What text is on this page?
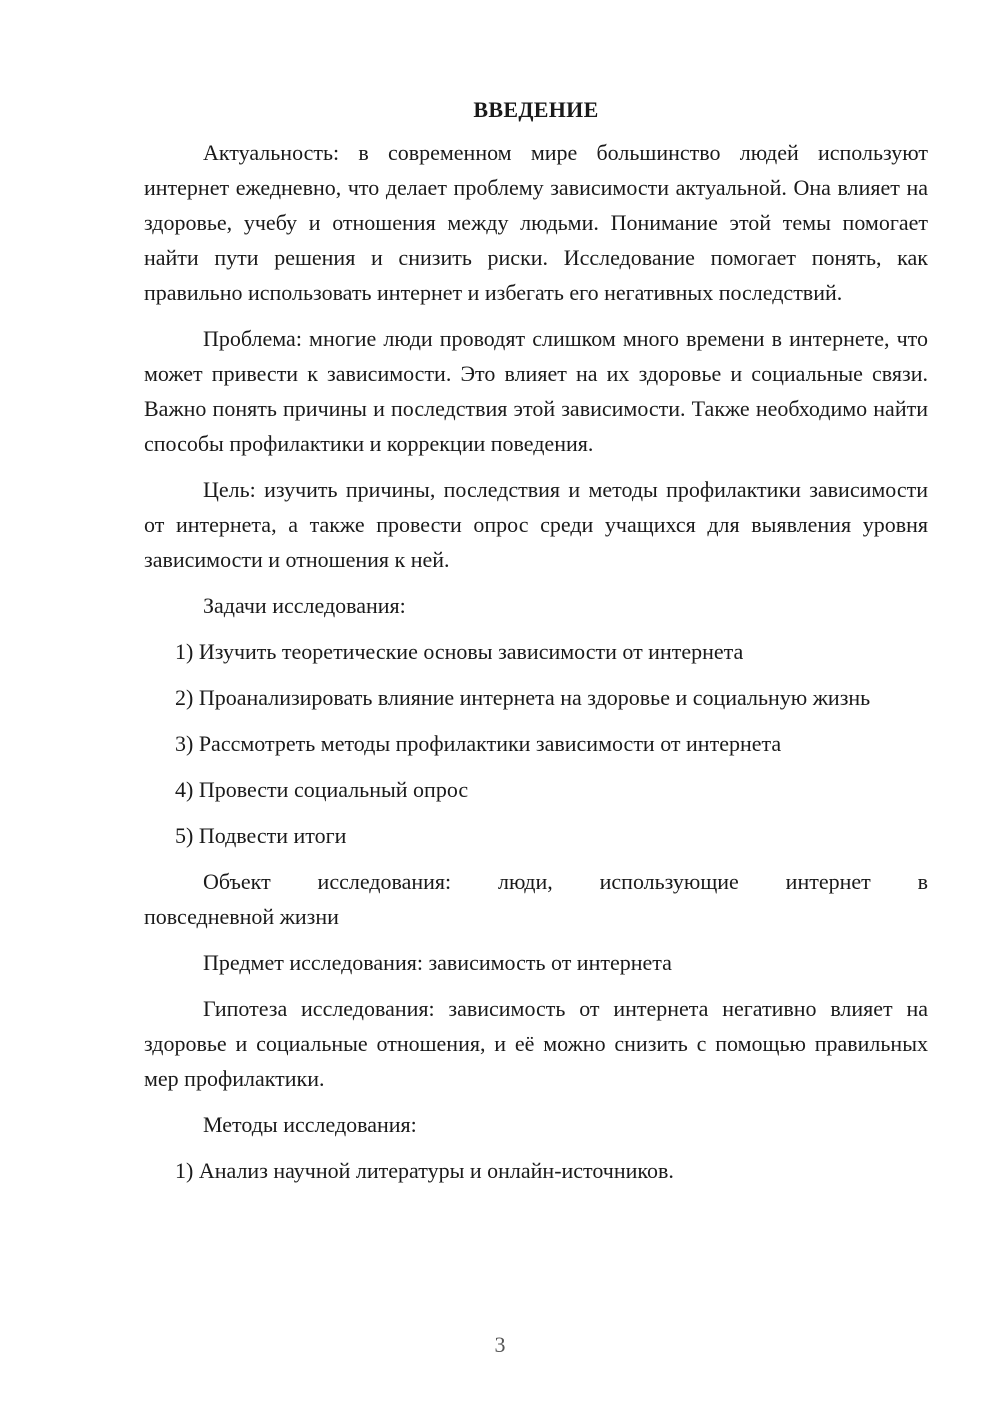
ВВЕДЕНИЕ

Актуальность: в современном мире большинство людей используют интернет ежедневно, что делает проблему зависимости актуальной. Она влияет на здоровье, учебу и отношения между людьми. Понимание этой темы помогает найти пути решения и снизить риски. Исследование помогает понять, как правильно использовать интернет и избегать его негативных последствий.

Проблема: многие люди проводят слишком много времени в интернете, что может привести к зависимости. Это влияет на их здоровье и социальные связи. Важно понять причины и последствия этой зависимости. Также необходимо найти способы профилактики и коррекции поведения.

Цель: изучить причины, последствия и методы профилактики зависимости от интернета, а также провести опрос среди учащихся для выявления уровня зависимости и отношения к ней.

Задачи исследования:

1) Изучить теоретические основы зависимости от интернета

2) Проанализировать влияние интернета на здоровье и социальную жизнь

3) Рассмотреть методы профилактики зависимости от интернета

4) Провести социальный опрос

5) Подвести итоги

Объект исследования: люди, использующие интернет в

повседневной жизни

Предмет исследования: зависимость от интернета

Гипотеза исследования: зависимость от интернета негативно влияет на здоровье и социальные отношения, и её можно снизить с помощью правильных мер профилактики.

Методы исследования:

1) Анализ научной литературы и онлайн-источников.

3
